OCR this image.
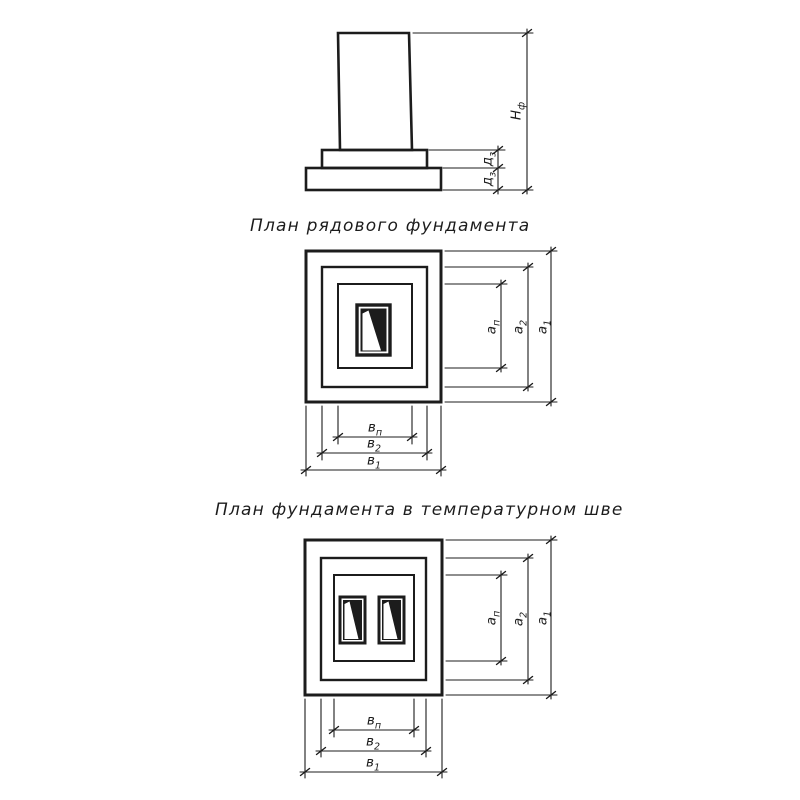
План рядового фундамента
План фундамента в температурном шве
$Н_ф$
$д_з$
$д_з$
$а_п$
$а_2$
$а_1$
$в_п$
$в_2$
$в_1$
$а_п$
$а_2$
$а_1$
$в_п$
$в_2$
$в_1$
